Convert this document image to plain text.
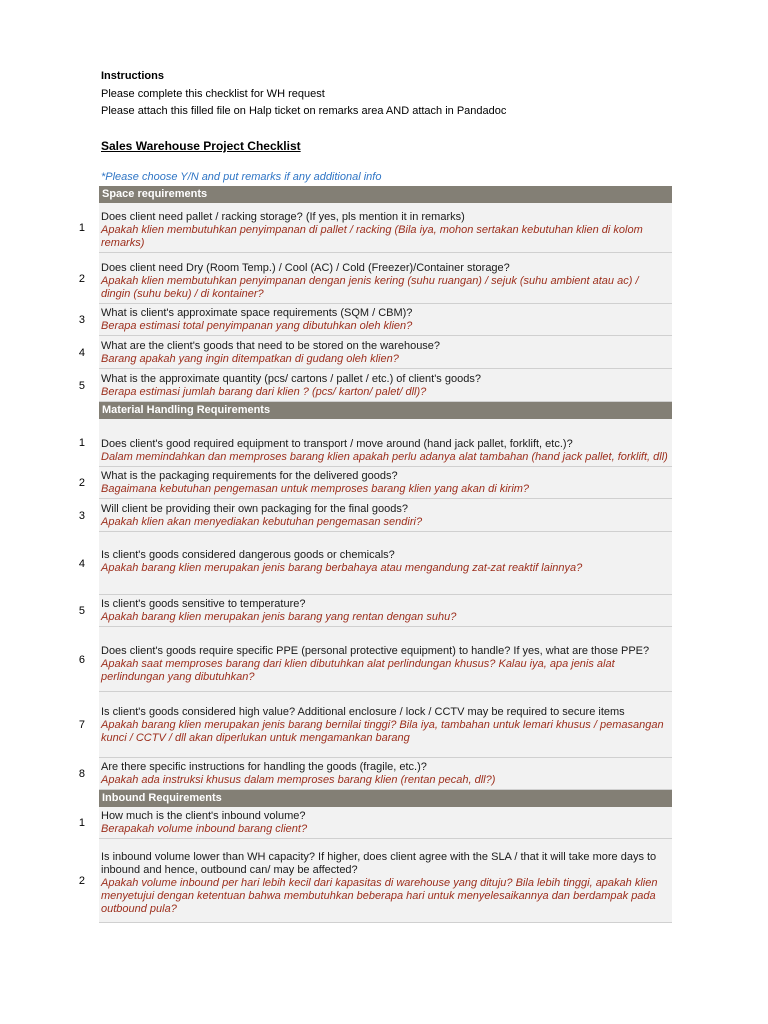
Instructions
Please complete this checklist for WH request
Please attach this filled file on Halp ticket on remarks area AND attach in Pandadoc
Sales Warehouse Project Checklist
*Please choose Y/N and put remarks if any additional info
Space requirements
1
Does client need pallet / racking storage? (If yes, pls mention it in remarks)
Apakah klien membutuhkan penyimpanan di pallet / racking (Bila iya, mohon sertakan kebutuhan klien di kolom remarks)
2
Does client need Dry (Room Temp.) / Cool (AC) / Cold (Freezer)/Container storage?
Apakah klien membutuhkan penyimpanan dengan jenis kering (suhu ruangan) / sejuk (suhu ambient atau ac) / dingin (suhu beku) / di kontainer?
3
What is client's approximate space requirements (SQM / CBM)?
Berapa estimasi total penyimpanan yang dibutuhkan oleh klien?
4
What are the client's goods that need to be stored on the warehouse?
Barang apakah yang ingin ditempatkan di gudang oleh klien?
5
What is the approximate quantity (pcs/ cartons / pallet / etc.) of client's goods?
Berapa estimasi jumlah barang dari klien ? (pcs/ karton/ palet/ dll)?
Material Handling Requirements
1	Does client's good required equipment to transport / move around (hand jack pallet, forklift, etc.)?
Dalam memindahkan dan memproses barang klien apakah perlu adanya alat tambahan (hand jack pallet, forklift, dll)
2
What is the packaging requirements for the delivered goods?
Bagaimana kebutuhan pengemasan untuk memproses barang klien yang akan di kirim?
3
Will client be providing their own packaging for the final goods?
Apakah klien akan menyediakan kebutuhan pengemasan sendiri?
4
Is client's goods considered dangerous goods or chemicals?
Apakah barang klien merupakan jenis barang berbahaya atau mengandung zat-zat reaktif lainnya?
5
Is client's goods sensitive to temperature?
Apakah barang klien merupakan jenis barang yang rentan dengan suhu?
6
Does client's goods require specific PPE (personal protective equipment) to handle? If yes, what are those PPE?
Apakah saat memproses barang dari klien dibutuhkan alat perlindungan khusus? Kalau iya, apa jenis alat perlindungan yang dibutuhkan?
7
Is client's goods considered high value? Additional enclosure / lock / CCTV may be required to secure items
Apakah barang klien merupakan jenis barang bernilai tinggi? Bila iya, tambahan untuk lemari khusus / pemasangan kunci / CCTV / dll akan diperlukan untuk mengamankan barang
8
Are there specific instructions for handling the goods (fragile, etc.)?
Apakah ada instruksi khusus dalam memproses barang klien (rentan pecah, dll?)
Inbound Requirements
1
How much is the client's inbound volume?
Berapakah volume inbound barang client?
2
Is inbound volume lower than WH capacity? If higher, does client agree with the SLA / that it will take more days to inbound and hence, outbound can/ may be affected?
Apakah volume inbound per hari lebih kecil dari kapasitas di warehouse yang dituju? Bila lebih tinggi, apakah klien menyetujui dengan ketentuan bahwa membutuhkan beberapa hari untuk menyelesaikannya dan berdampak pada outbound pula?
